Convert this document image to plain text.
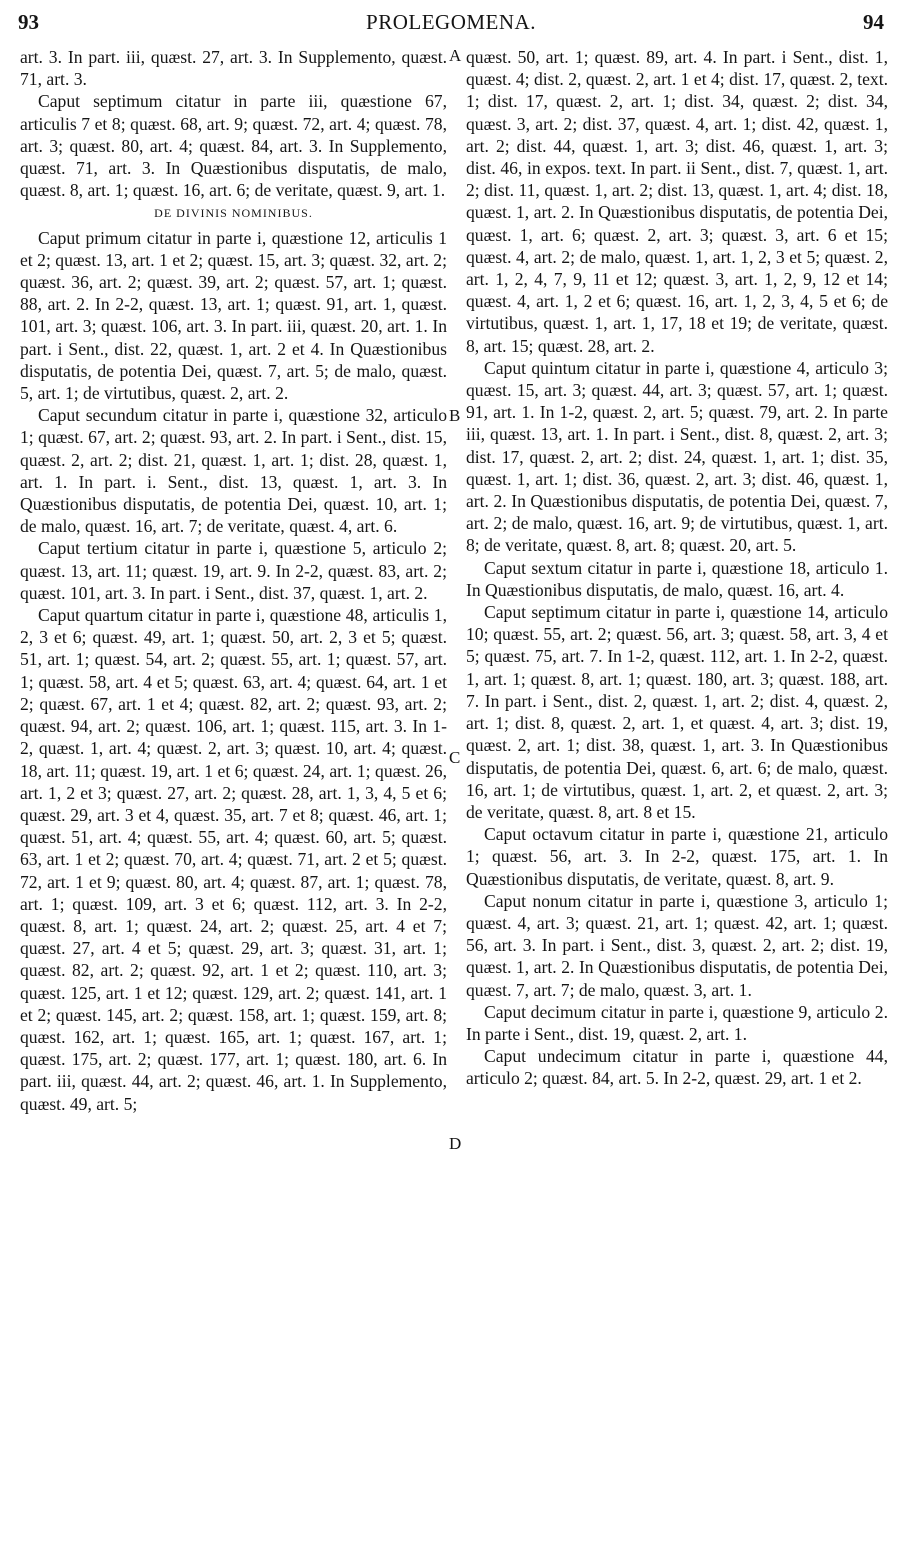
93	PROLEGOMENA.	94
A
B
C
D

art. 3. In part. iii, quæst. 27, art. 3. In Supplemento, quæst. 71, art. 3.

Caput septimum citatur in parte iii, quæstione 67, articulis 7 et 8; quæst. 68, art. 9; quæst. 72, art. 4; quæst. 78, art. 3; quæst. 80, art. 4; quæst. 84, art. 3. In Supplemento, quæst. 71, art. 3. In Quæstionibus disputatis, de malo, quæst. 8, art. 1; quæst. 16, art. 6; de veritate, quæst. 9, art. 1.

DE DIVINIS NOMINIBUS.

Caput primum citatur in parte i, quæstione 12, articulis 1 et 2; quæst. 13, art. 1 et 2; quæst. 15, art. 3; quæst. 32, art. 2; quæst. 36, art. 2; quæst. 39, art. 2; quæst. 57, art. 1; quæst. 88, art. 2. In 2-2, quæst. 13, art. 1; quæst. 91, art. 1, quæst. 101, art. 3; quæst. 106, art. 3. In part. iii, quæst. 20, art. 1. In part. i Sent., dist. 22, quæst. 1, art. 2 et 4. In Quæstionibus disputatis, de potentia Dei, quæst. 7, art. 5; de malo, quæst. 5, art. 1; de virtutibus, quæst. 2, art. 2.

Caput secundum citatur in parte i, quæstione 32, articulo 1; quæst. 67, art. 2; quæst. 93, art. 2. In part. i Sent., dist. 15, quæst. 2, art. 2; dist. 21, quæst. 1, art. 1; dist. 28, quæst. 1, art. 1. In part. i. Sent., dist. 13, quæst. 1, art. 3. In Quæstionibus disputatis, de potentia Dei, quæst. 10, art. 1; de malo, quæst. 16, art. 7; de veritate, quæst. 4, art. 6.

Caput tertium citatur in parte i, quæstione 5, articulo 2; quæst. 13, art. 11; quæst. 19, art. 9. In 2-2, quæst. 83, art. 2; quæst. 101, art. 3. In part. i Sent., dist. 37, quæst. 1, art. 2.

Caput quartum citatur in parte i, quæstione 48, articulis 1, 2, 3 et 6; quæst. 49, art. 1; quæst. 50, art. 2, 3 et 5; quæst. 51, art. 1; quæst. 54, art. 2; quæst. 55, art. 1; quæst. 57, art. 1; quæst. 58, art. 4 et 5; quæst. 63, art. 4; quæst. 64, art. 1 et 2; quæst. 67, art. 1 et 4; quæst. 82, art. 2; quæst. 93, art. 2; quæst. 94, art. 2; quæst. 106, art. 1; quæst. 115, art. 3. In 1-2, quæst. 1, art. 4; quæst. 2, art. 3; quæst. 10, art. 4; quæst. 18, art. 11; quæst. 19, art. 1 et 6; quæst. 24, art. 1; quæst. 26, art. 1, 2 et 3; quæst. 27, art. 2; quæst. 28, art. 1, 3, 4, 5 et 6; quæst. 29, art. 3 et 4, quæst. 35, art. 7 et 8; quæst. 46, art. 1; quæst. 51, art. 4; quæst. 55, art. 4; quæst. 60, art. 5; quæst. 63, art. 1 et 2; quæst. 70, art. 4; quæst. 71, art. 2 et 5; quæst. 72, art. 1 et 9; quæst. 80, art. 4; quæst. 87, art. 1; quæst. 78, art. 1; quæst. 109, art. 3 et 6; quæst. 112, art. 3. In 2-2, quæst. 8, art. 1; quæst. 24, art. 2; quæst. 25, art. 4 et 7; quæst. 27, art. 4 et 5; quæst. 29, art. 3; quæst. 31, art. 1; quæst. 82, art. 2; quæst. 92, art. 1 et 2; quæst. 110, art. 3; quæst. 125, art. 1 et 12; quæst. 129, art. 2; quæst. 141, art. 1 et 2; quæst. 145, art. 2; quæst. 158, art. 1; quæst. 159, art. 8; quæst. 162, art. 1; quæst. 165, art. 1; quæst. 167, art. 1; quæst. 175, art. 2; quæst. 177, art. 1; quæst. 180, art. 6. In part. iii, quæst. 44, art. 2; quæst. 46, art. 1. In Supplemento, quæst. 49, art. 5;

quæst. 50, art. 1; quæst. 89, art. 4. In part. i Sent., dist. 1, quæst. 4; dist. 2, quæst. 2, art. 1 et 4; dist. 17, quæst. 2, text. 1; dist. 17, quæst. 2, art. 1; dist. 34, quæst. 2; dist. 34, quæst. 3, art. 2; dist. 37, quæst. 4, art. 1; dist. 42, quæst. 1, art. 2; dist. 44, quæst. 1, art. 3; dist. 46, quæst. 1, art. 3; dist. 46, in expos. text. In part. ii Sent., dist. 7, quæst. 1, art. 2; dist. 11, quæst. 1, art. 2; dist. 13, quæst. 1, art. 4; dist. 18, quæst. 1, art. 2. In Quæstionibus disputatis, de potentia Dei, quæst. 1, art. 6; quæst. 2, art. 3; quæst. 3, art. 6 et 15; quæst. 4, art. 2; de malo, quæst. 1, art. 1, 2, 3 et 5; quæst. 2, art. 1, 2, 4, 7, 9, 11 et 12; quæst. 3, art. 1, 2, 9, 12 et 14; quæst. 4, art. 1, 2 et 6; quæst. 16, art. 1, 2, 3, 4, 5 et 6; de virtutibus, quæst. 1, art. 1, 17, 18 et 19; de veritate, quæst. 8, art. 15; quæst. 28, art. 2.

Caput quintum citatur in parte i, quæstione 4, articulo 3; quæst. 15, art. 3; quæst. 44, art. 3; quæst. 57, art. 1; quæst. 91, art. 1. In 1-2, quæst. 2, art. 5; quæst. 79, art. 2. In parte iii, quæst. 13, art. 1. In part. i Sent., dist. 8, quæst. 2, art. 3; dist. 17, quæst. 2, art. 2; dist. 24, quæst. 1, art. 1; dist. 35, quæst. 1, art. 1; dist. 36, quæst. 2, art. 3; dist. 46, quæst. 1, art. 2. In Quæstionibus disputatis, de potentia Dei, quæst. 7, art. 2; de malo, quæst. 16, art. 9; de virtutibus, quæst. 1, art. 8; de veritate, quæst. 8, art. 8; quæst. 20, art. 5.

Caput sextum citatur in parte i, quæstione 18, articulo 1. In Quæstionibus disputatis, de malo, quæst. 16, art. 4.

Caput septimum citatur in parte i, quæstione 14, articulo 10; quæst. 55, art. 2; quæst. 56, art. 3; quæst. 58, art. 3, 4 et 5; quæst. 75, art. 7. In 1-2, quæst. 112, art. 1. In 2-2, quæst. 1, art. 1; quæst. 8, art. 1; quæst. 180, art. 3; quæst. 188, art. 7. In part. i Sent., dist. 2, quæst. 1, art. 2; dist. 4, quæst. 2, art. 1; dist. 8, quæst. 2, art. 1, et quæst. 4, art. 3; dist. 19, quæst. 2, art. 1; dist. 38, quæst. 1, art. 3. In Quæstionibus disputatis, de potentia Dei, quæst. 6, art. 6; de malo, quæst. 16, art. 1; de virtutibus, quæst. 1, art. 2, et quæst. 2, art. 3; de veritate, quæst. 8, art. 8 et 15.

Caput octavum citatur in parte i, quæstione 21, articulo 1; quæst. 56, art. 3. In 2-2, quæst. 175, art. 1. In Quæstionibus disputatis, de veritate, quæst. 8, art. 9.

Caput nonum citatur in parte i, quæstione 3, articulo 1; quæst. 4, art. 3; quæst. 21, art. 1; quæst. 42, art. 1; quæst. 56, art. 3. In part. i Sent., dist. 3, quæst. 2, art. 2; dist. 19, quæst. 1, art. 2. In Quæstionibus disputatis, de potentia Dei, quæst. 7, art. 7; de malo, quæst. 3, art. 1.

Caput decimum citatur in parte i, quæstione 9, articulo 2. In parte i Sent., dist. 19, quæst. 2, art. 1.

Caput undecimum citatur in parte i, quæstione 44, articulo 2; quæst. 84, art. 5. In 2-2, quæst. 29, art. 1 et 2.
